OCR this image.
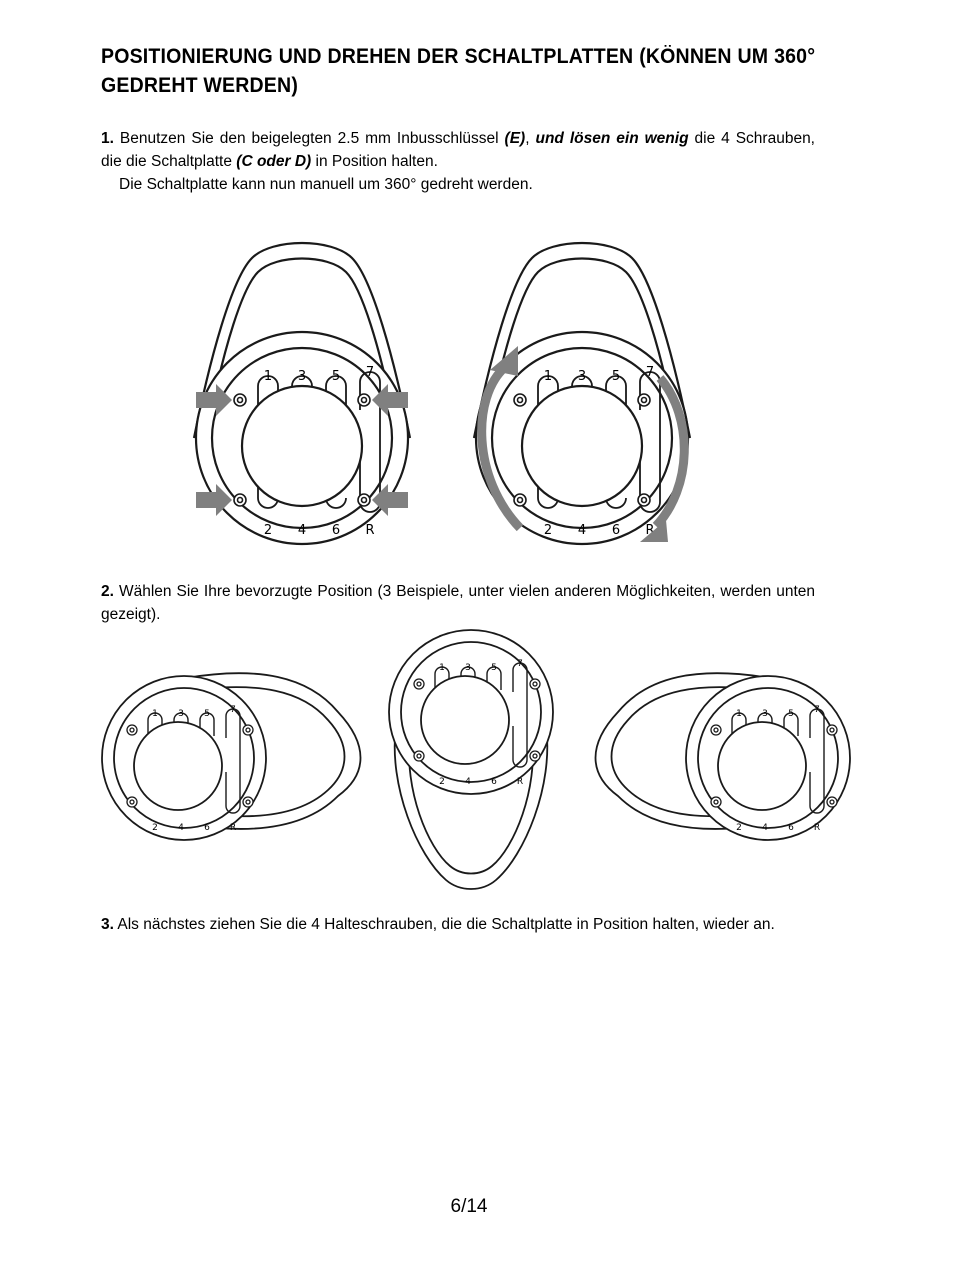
POSITIONIERUNG UND DREHEN DER SCHALTPLATTEN (KÖNNEN UM 360° GEDREHT WERDEN)

1. Benutzen Sie den beigelegten 2.5 mm Inbusschlüssel (E), und lösen ein wenig die 4 Schrauben, die die Schaltplatte (C oder D) in Position halten.

Die Schaltplatte kann nun manuell um 360° gedreht werden.

1 3 5 7
2 4 6 R
1 3 5 7
2 4 6 R

2. Wählen Sie Ihre bevorzugte Position (3 Beispiele, unter vielen anderen Möglichkeiten, werden unten gezeigt).

1 3 5 7
2 4 6 R
1 3 5 7
2 4 6 R
1 3 5 7
2 4 6 R

3. Als nächstes ziehen Sie die 4 Halteschrauben, die die Schaltplatte in Position halten, wieder an.

6/14
